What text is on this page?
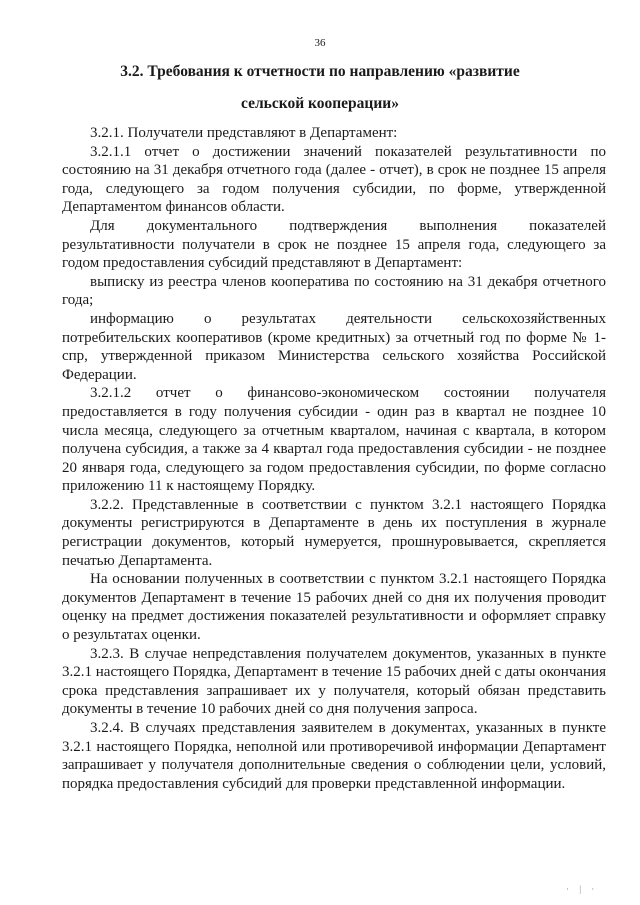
36
3.2. Требования к отчетности по направлению «развитие
сельской кооперации»

3.2.1. Получатели представляют в Департамент:

3.2.1.1 отчет о достижении значений показателей результативности по состоянию на 31 декабря отчетного года (далее - отчет), в срок не позднее 15 апреля года, следующего за годом получения субсидии, по форме, утвержденной Департаментом финансов области.

Для документального подтверждения выполнения показателей результативности получатели в срок не позднее 15 апреля года, следующего за годом предоставления субсидий представляют в Департамент:

выписку из реестра членов кооператива по состоянию на 31 декабря отчетного года;

информацию о результатах деятельности сельскохозяйственных потребительских кооперативов (кроме кредитных) за отчетный год по форме № 1-спр, утвержденной приказом Министерства сельского хозяйства Российской Федерации.

3.2.1.2 отчет о финансово-экономическом состоянии получателя предоставляется в году получения субсидии - один раз в квартал не позднее 10 числа месяца, следующего за отчетным кварталом, начиная с квартала, в котором получена субсидия, а также за 4 квартал года предоставления субсидии - не позднее 20 января года, следующего за годом предоставления субсидии, по форме согласно приложению 11 к настоящему Порядку.

3.2.2. Представленные в соответствии с пунктом 3.2.1 настоящего Порядка документы регистрируются в Департаменте в день их поступления в журнале регистрации документов, который нумеруется, прошнуровывается, скрепляется печатью Департамента.

На основании полученных в соответствии с пунктом 3.2.1 настоящего Порядка документов Департамент в течение 15 рабочих дней со дня их получения проводит оценку на предмет достижения показателей результативности и оформляет справку о результатах оценки.

3.2.3. В случае непредставления получателем документов, указанных в пункте 3.2.1 настоящего Порядка, Департамент в течение 15 рабочих дней с даты окончания срока представления запрашивает их у получателя, который обязан представить документы в течение 10 рабочих дней со дня получения запроса.

3.2.4. В случаях представления заявителем в документах, указанных в пункте 3.2.1 настоящего Порядка, неполной или противоречивой информации Департамент запрашивает у получателя дополнительные сведения о соблюдении цели, условий, порядка предоставления субсидий для проверки представленной информации.

· | ·
